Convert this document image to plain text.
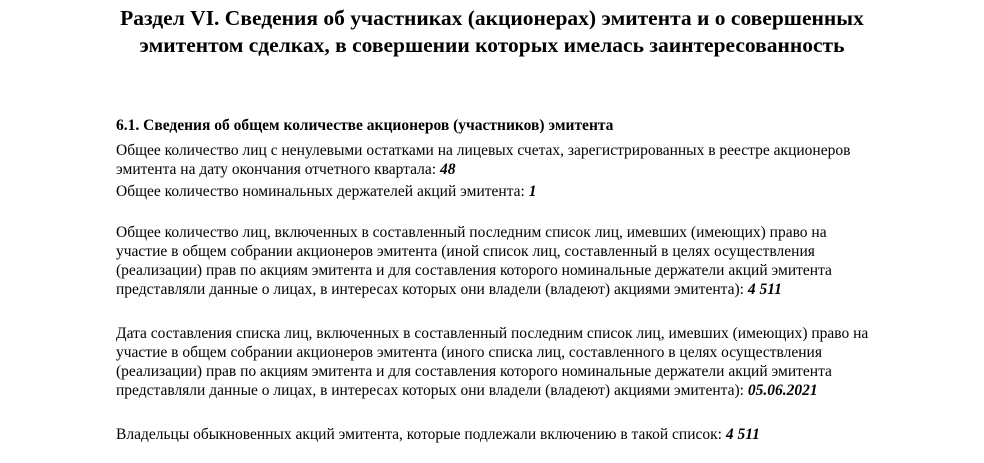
Раздел VI. Сведения об участниках (акционерах) эмитента и о совершенных эмитентом сделках, в совершении которых имелась заинтересованность
6.1. Сведения об общем количестве акционеров (участников) эмитента

Общее количество лиц с ненулевыми остатками на лицевых счетах, зарегистрированных в реестре акционеров эмитента на дату окончания отчетного квартала: 48

Общее количество номинальных держателей акций эмитента: 1

Общее количество лиц, включенных в составленный последним список лиц, имевших (имеющих) право на участие в общем собрании акционеров эмитента (иной список лиц, составленный в целях осуществления (реализации) прав по акциям эмитента и для составления которого номинальные держатели акций эмитента представляли данные о лицах, в интересах которых они владели (владеют) акциями эмитента): 4 511

Дата составления списка лиц, включенных в составленный последним список лиц, имевших (имеющих) право на участие в общем собрании акционеров эмитента (иного списка лиц, составленного в целях осуществления (реализации) прав по акциям эмитента и для составления которого номинальные держатели акций эмитента представляли данные о лицах, в интересах которых они владели (владеют) акциями эмитента): 05.06.2021

Владельцы обыкновенных акций эмитента, которые подлежали включению в такой список: 4 511
